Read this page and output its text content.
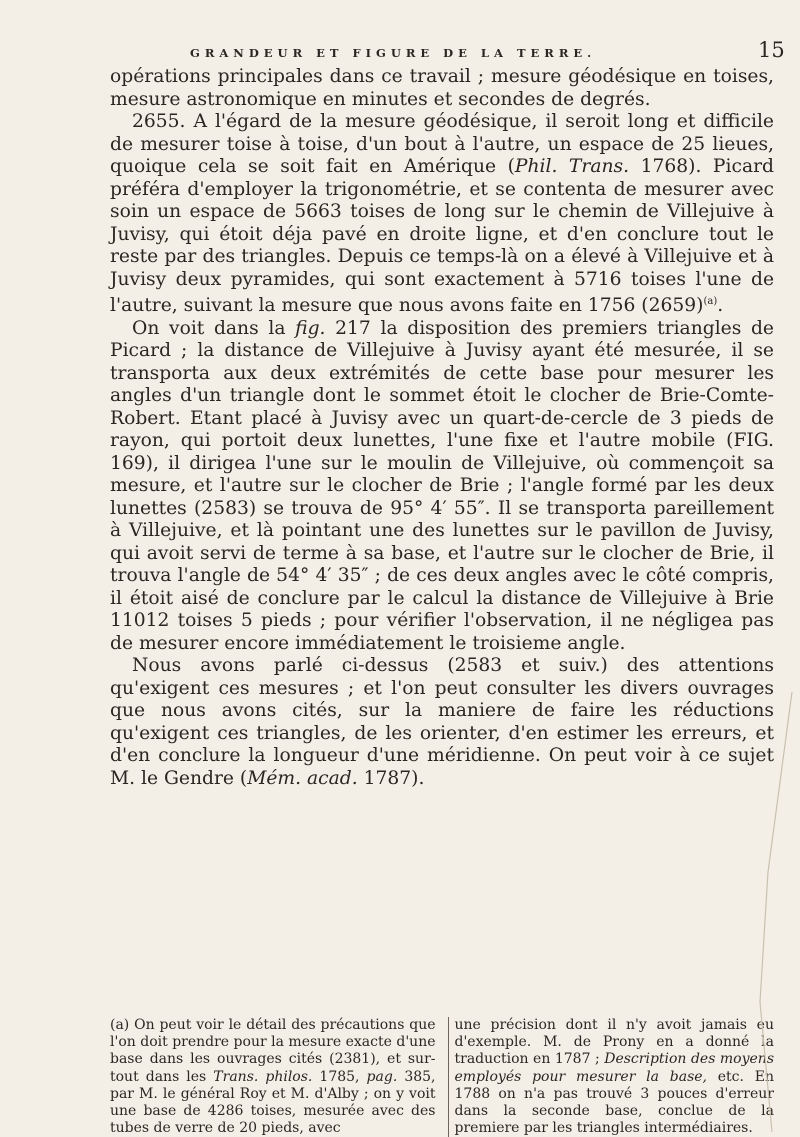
GRANDEUR ET FIGURE DE LA TERRE.	15

opérations principales dans ce travail ; mesure géodésique en toises, mesure astronomique en minutes et secondes de degrés.

2655. A l'égard de la mesure géodésique, il seroit long et difficile de mesurer toise à toise, d'un bout à l'autre, un espace de 25 lieues, quoique cela se soit fait en Amérique (Phil. Trans. 1768). Picard préféra d'employer la trigonométrie, et se contenta de mesurer avec soin un espace de 5663 toises de long sur le chemin de Villejuive à Juvisy, qui étoit déja pavé en droite ligne, et d'en conclure tout le reste par des triangles. Depuis ce temps-là on a élevé à Villejuive et à Juvisy deux pyramides, qui sont exactement à 5716 toises l'une de l'autre, suivant la mesure que nous avons faite en 1756 $(2659)^{(a)}$.

On voit dans la fig. 217 la disposition des premiers triangles de Picard ; la distance de Villejuive à Juvisy ayant été mesurée, il se transporta aux deux extrémités de cette base pour mesurer les angles d'un triangle dont le sommet étoit le clocher de Brie-Comte-Robert. Etant placé à Juvisy avec un quart-de-cercle de 3 pieds de rayon, qui portoit deux lunettes, l'une fixe et l'autre mobile (FIG. 169), il dirigea l'une sur le moulin de Villejuive, où commençoit sa mesure, et l'autre sur le clocher de Brie ; l'angle formé par les deux lunettes (2583) se trouva de 95° 4′ 55″. Il se transporta pareillement à Villejuive, et là pointant une des lunettes sur le pavillon de Juvisy, qui avoit servi de terme à sa base, et l'autre sur le clocher de Brie, il trouva l'angle de 54° 4′ 35″ ; de ces deux angles avec le côté compris, il étoit aisé de conclure par le calcul la distance de Villejuive à Brie 11012 toises 5 pieds ; pour vérifier l'observation, il ne négligea pas de mesurer encore immédiatement le troisieme angle.

Nous avons parlé ci-dessus (2583 et suiv.) des attentions qu'exigent ces mesures ; et l'on peut consulter les divers ouvrages que nous avons cités, sur la maniere de faire les réductions qu'exigent ces triangles, de les orienter, d'en estimer les erreurs, et d'en conclure la longueur d'une méridienne. On peut voir à ce sujet M. le Gendre (Mém. acad. 1787).

(a) On peut voir le détail des précautions que l'on doit prendre pour la mesure exacte d'une base dans les ouvrages cités (2381), et sur-tout dans les Trans. philos. 1785, pag. 385, par M. le général Roy et M. d'Alby ; on y voit une base de 4286 toises, mesurée avec des tubes de verre de 20 pieds, avec

une précision dont il n'y avoit jamais eu d'exemple. M. de Prony en a donné la traduction en 1787 ; Description des moyens employés pour mesurer la base, etc. En 1788 on n'a pas trouvé 3 pouces d'erreur dans la seconde base, conclue de la premiere par les triangles intermédiaires.
